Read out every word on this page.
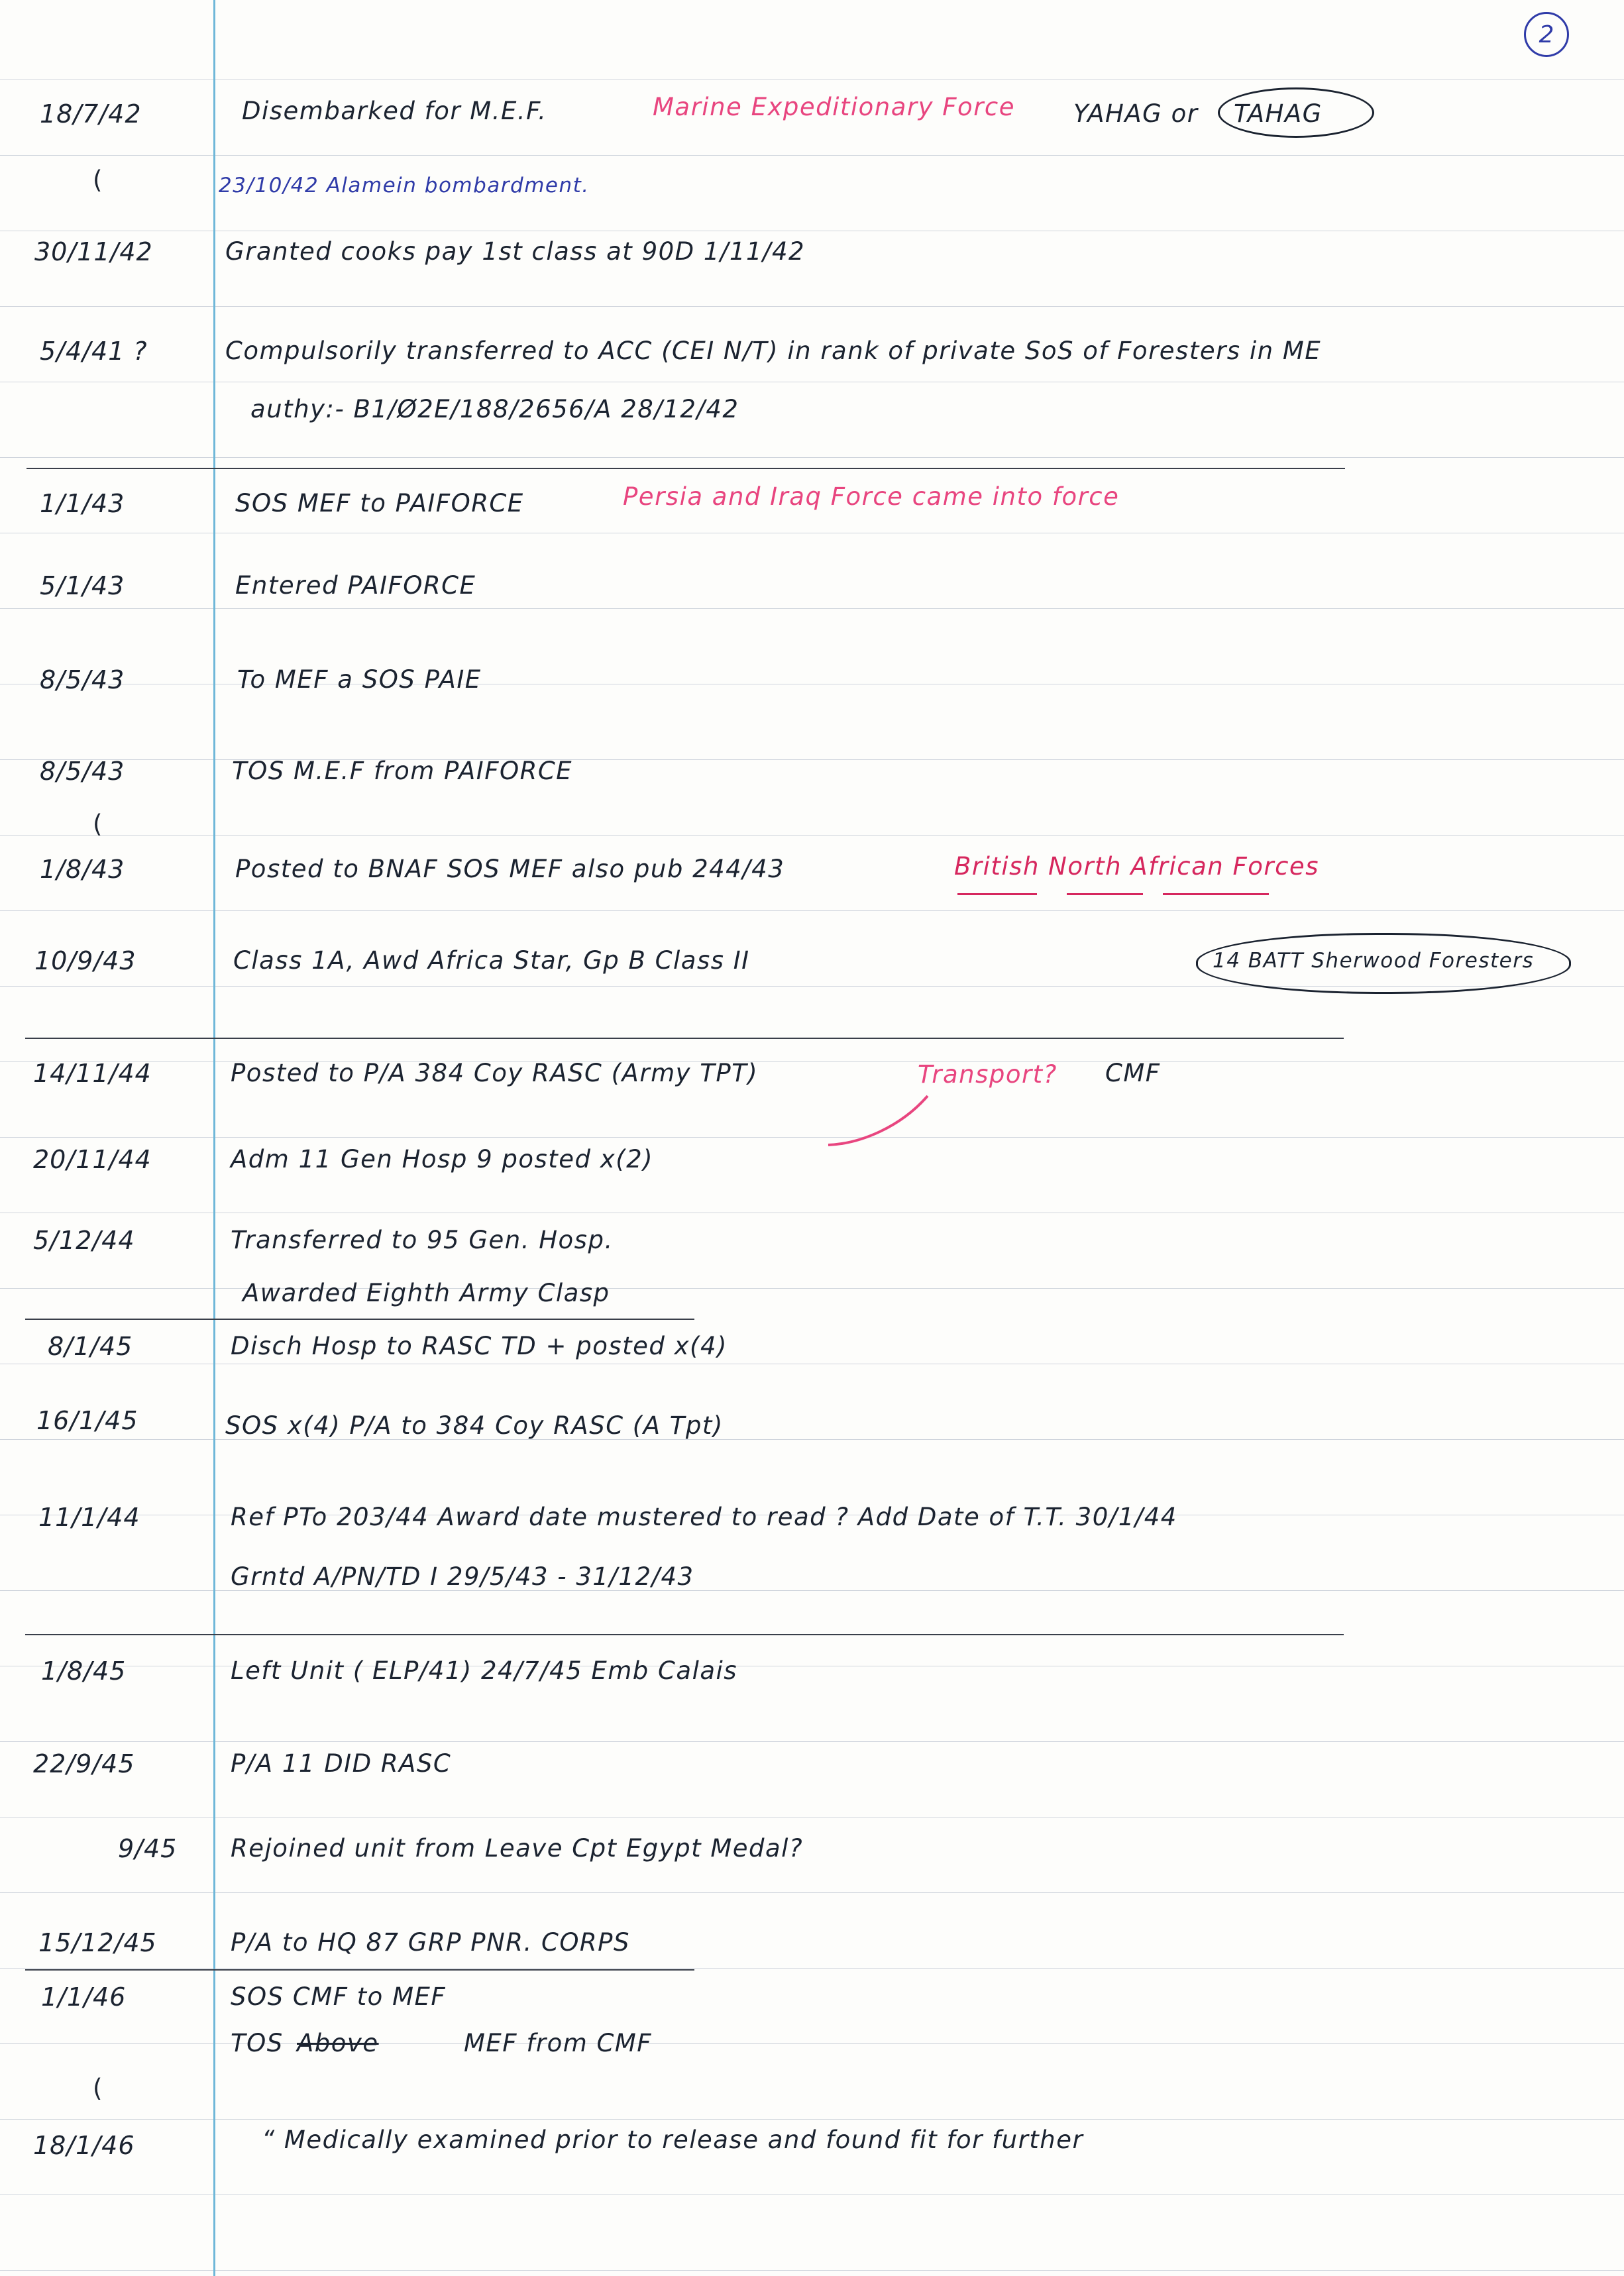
2
18/7/42	Disembarked for M.E.F.	Marine Expeditionary Force YAHAG or TAHAG
(	23/10/42 Alamein bombardment.
30/11/42	Granted cooks pay 1st class at 90D 1/11/42
5/4/41 ?	Compulsorily transferred to ACC (CEI N/T) in rank of private SoS of Foresters in ME
authy:- B1/Ø2E/188/2656/A 28/12/42
1/1/43	SOS MEF to PAIFORCE	Persia and Iraq Force came into force
5/1/43	Entered PAIFORCE
8/5/43	To MEF a SOS PAIE
8/5/43	TOS M.E.F from PAIFORCE
(
1/8/43	Posted to BNAF SOS MEF also pub 244/43	British North African Forces
10/9/43	Class 1A, Awd Africa Star, Gp B Class II	14 BATT Sherwood Foresters
14/11/44	Posted to P/A 384 Coy RASC (Army TPT)	Transport? CMF
20/11/44	Adm 11 Gen Hosp 9 posted x(2)
5/12/44	Transferred to 95 Gen. Hosp.
Awarded Eighth Army Clasp
8/1/45	Disch Hosp to RASC TD + posted x(4)
16/1/45	SOS x(4) P/A to 384 Coy RASC (A Tpt)
11/1/44	Ref PTo 203/44 Award date mustered to read ? Add Date of T.T. 30/1/44
Grntd A/PN/TD I 29/5/43 - 31/12/43
1/8/45	Left Unit ( ELP/41) 24/7/45 Emb Calais
22/9/45	P/A 11 DID RASC
9/45 Rejoined unit from Leave Cpt Egypt Medal?
15/12/45	P/A to HQ 87 GRP PNR. CORPS
1/1/46	SOS CMF to MEF
TOS Above	MEF from CMF
(
18/1/46	“ Medically examined prior to release and found fit for further
